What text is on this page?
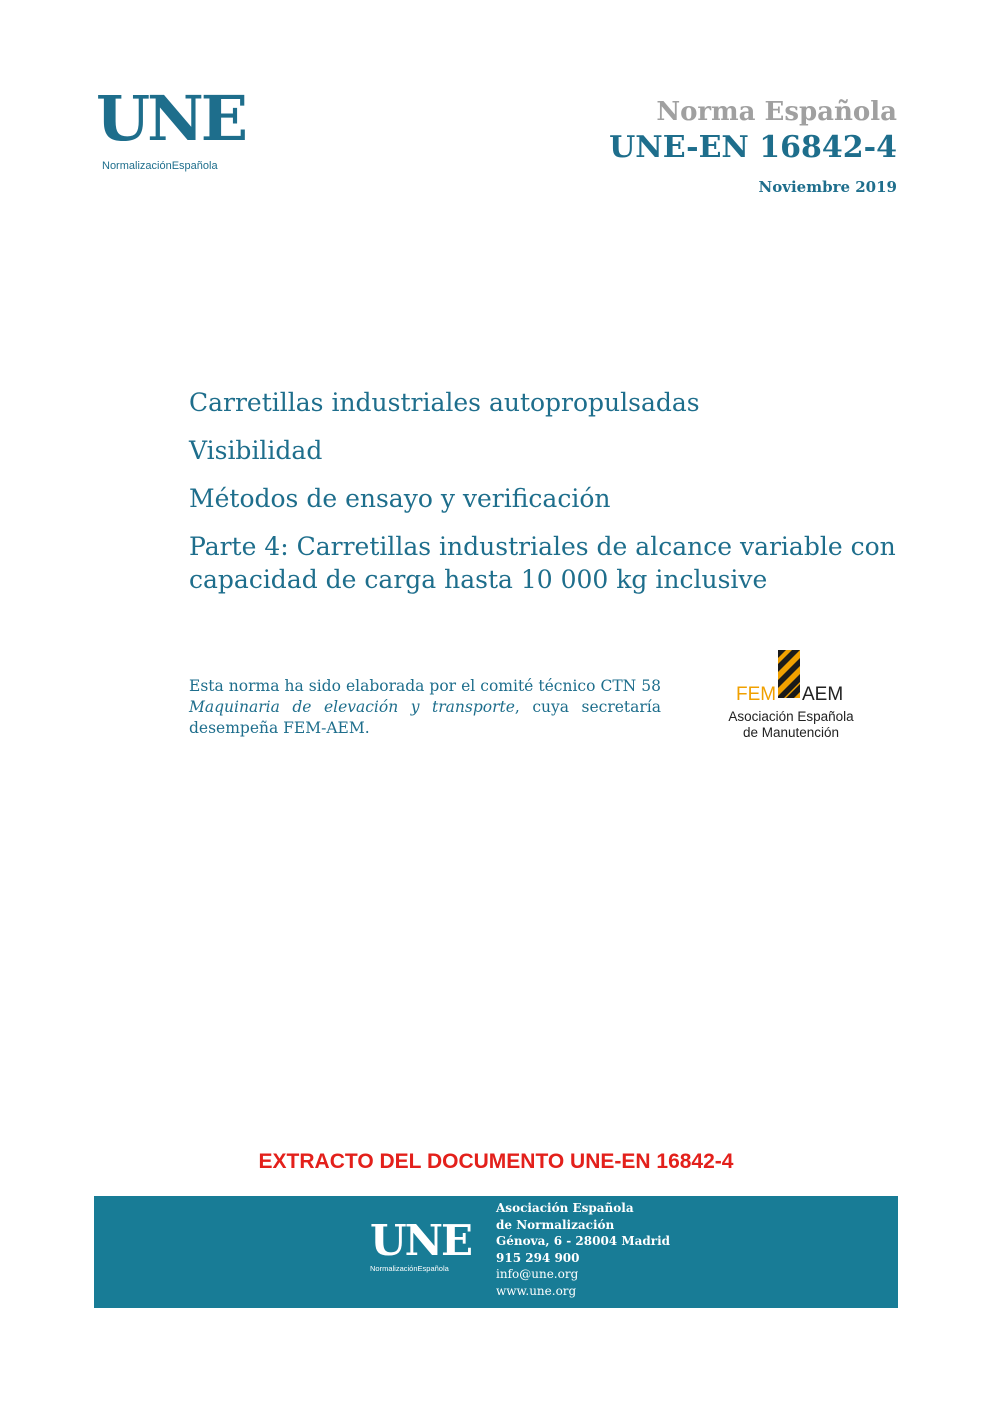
UNE
NormalizaciónEspañola
Norma Española
UNE-EN 16842-4
Noviembre 2019
Carretillas industriales autopropulsadas
Visibilidad
Métodos de ensayo y verificación
Parte 4: Carretillas industriales de alcance variable con capacidad de carga hasta 10 000 kg inclusive
Esta norma ha sido elaborada por el comité técnico CTN 58 Maquinaria de elevación y transporte, cuya secretaría desempeña FEM-AEM.
FEM AEM
Asociación Española
de Manutención
EXTRACTO DEL DOCUMENTO UNE-EN 16842-4
UNE
NormalizaciónEspañola
Asociación Española
de Normalización
Génova, 6 - 28004 Madrid
915 294 900
info@une.org
www.une.org
